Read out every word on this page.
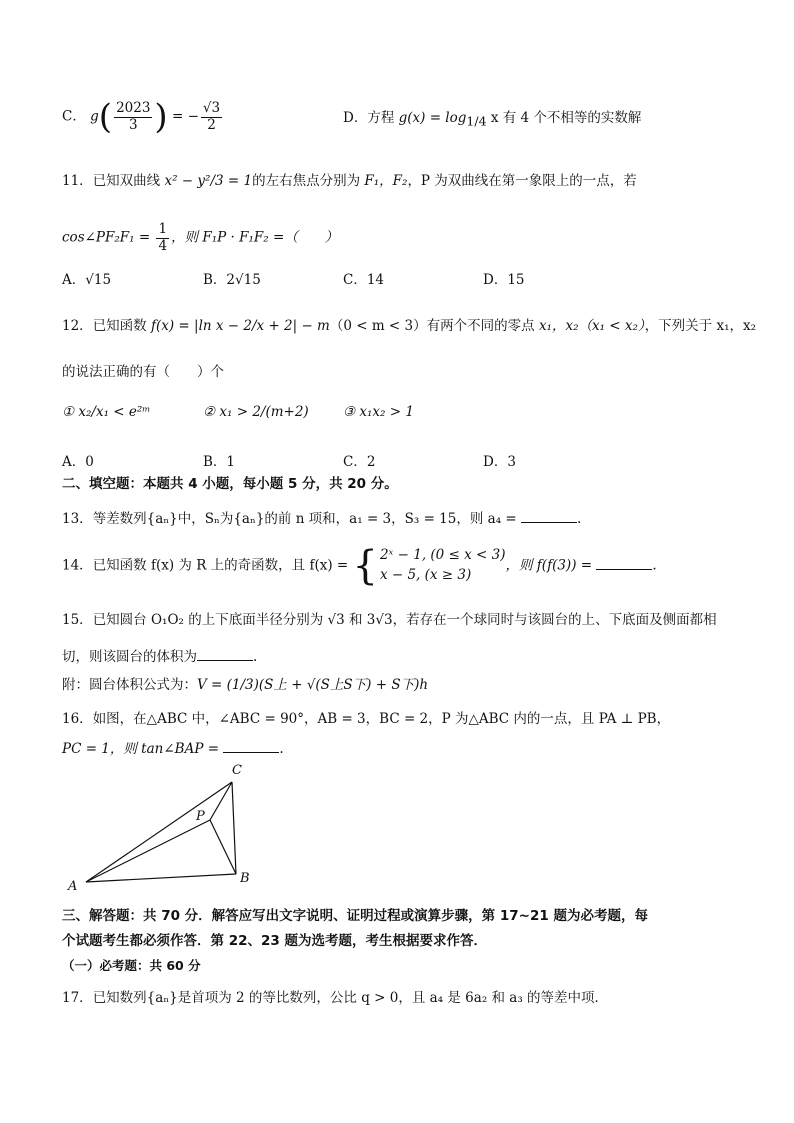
C． $g( \frac{2023}{3}$ ) = − $\frac{√3}{2}$	D．方程 $g(x) = \log_{1/4} x$ 有 4 个不相等的实数解
11．已知双曲线 x² − y²/3 = 1的左右焦点分别为 F₁，F₂，P 为双曲线在第一象限上的一点，若
cos∠PF₂F₁ = $\frac{1}{4}$ ，则 F₁P · F₁F₂ =（　　）
A．√15	B．2√15	C．14	D．15
12．已知函数 f(x) = |ln x − 2/x + 2| − m（0 < m < 3）有两个不同的零点 x₁，x₂（x₁ < x₂），下列关于 x₁，x₂
的说法正确的有（　　）个
① x₂/x₁ < e²ᵐ	② x₁ > 2/(m+2)	③ x₁x₂ > 1
A．0	B．1	C．2	D．3
二、填空题：本题共 4 小题，每小题 5 分，共 20 分。
13．等差数列{aₙ}中，Sₙ为{aₙ}的前 n 项和，a₁ = 3，S₃ = 15，则 a₄ =	.
14．已知函数 f(x) 为 R 上的奇函数，且 f(x) = { 2ˣ − 1, (0 ≤ x < 3)
x − 5, (x ≥ 3)
，则 f(f(3)) =	.
15．已知圆台 O₁O₂ 的上下底面半径分别为 √3 和 3√3，若存在一个球同时与该圆台的上、下底面及侧面都相
切，则该圆台的体积为	.
附：圆台体积公式为：V = (1/3)(S上 + √(S上S下) + S下)h
16．如图，在△ABC 中，∠ABC = 90°，AB = 3，BC = 2，P 为△ABC 内的一点，且 PA ⊥ PB，
PC = 1，则 tan∠BAP =	.
A
B
C
P
三、解答题：共 70 分．解答应写出文字说明、证明过程或演算步骤，第 17~21 题为必考题，每
个试题考生都必须作答．第 22、23 题为选考题，考生根据要求作答．
（一）必考题：共 60 分
17．已知数列{aₙ}是首项为 2 的等比数列，公比 q > 0，且 a₄ 是 6a₂ 和 a₃ 的等差中项．
